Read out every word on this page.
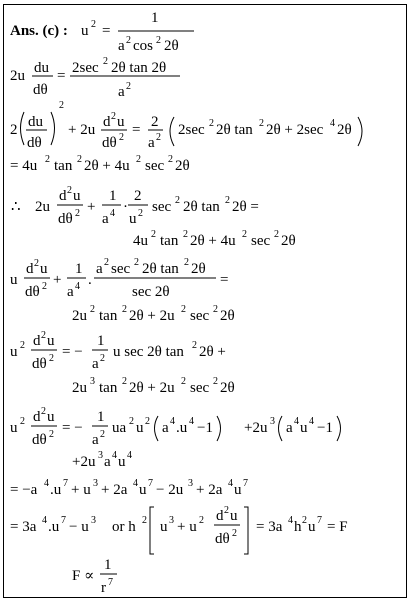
Ans. (c) : u 2 =
1
a 2 cos 2 2θ
2u du
dθ
= 2sec 2 2θ tan 2θ
a 2
2 du
dθ
2
+ 2u d 2 u
dθ 2 = 2
a 2 2sec 2 2θ tan 2 2θ + 2sec 4 2θ
= 4u 2 tan 2 2θ + 4u 2 sec 2 2θ
∴ 2u
d 2 u
dθ 2 +
1
a 4 ·
2
u 2 sec 2 2θ tan 2 2θ =
4u 2 tan 2 2θ + 4u 2 sec 2 2θ
u
d 2 u
dθ 2 +
1
a 4 .
a 2 sec 2 2θ tan 2 2θ
sec 2θ
=
2u 2 tan 2 2θ + 2u 2 sec 2 2θ
u 2 d 2 u
dθ 2 = −
1
a 2 u sec 2θ tan 2 2θ +
2u 3 tan 2 2θ + 2u 2 sec 2 2θ
u 2 d 2 u
dθ 2 = −
1
a 2 ua 2 u 2 a 4 .u 4 −1 +2u 3 a 4 u 4 −1
+2u 3 a 4 u 4
= −a 4 .u 7 + u 3 + 2a 4 u 7 − 2u 3 + 2a 4 u 7
= 3a 4 .u 7 − u 3 or h 2 u 3 + u 2 d 2 u
dθ 2 = 3a 4 h 2 u 7 = F
F ∝
1
r 7
